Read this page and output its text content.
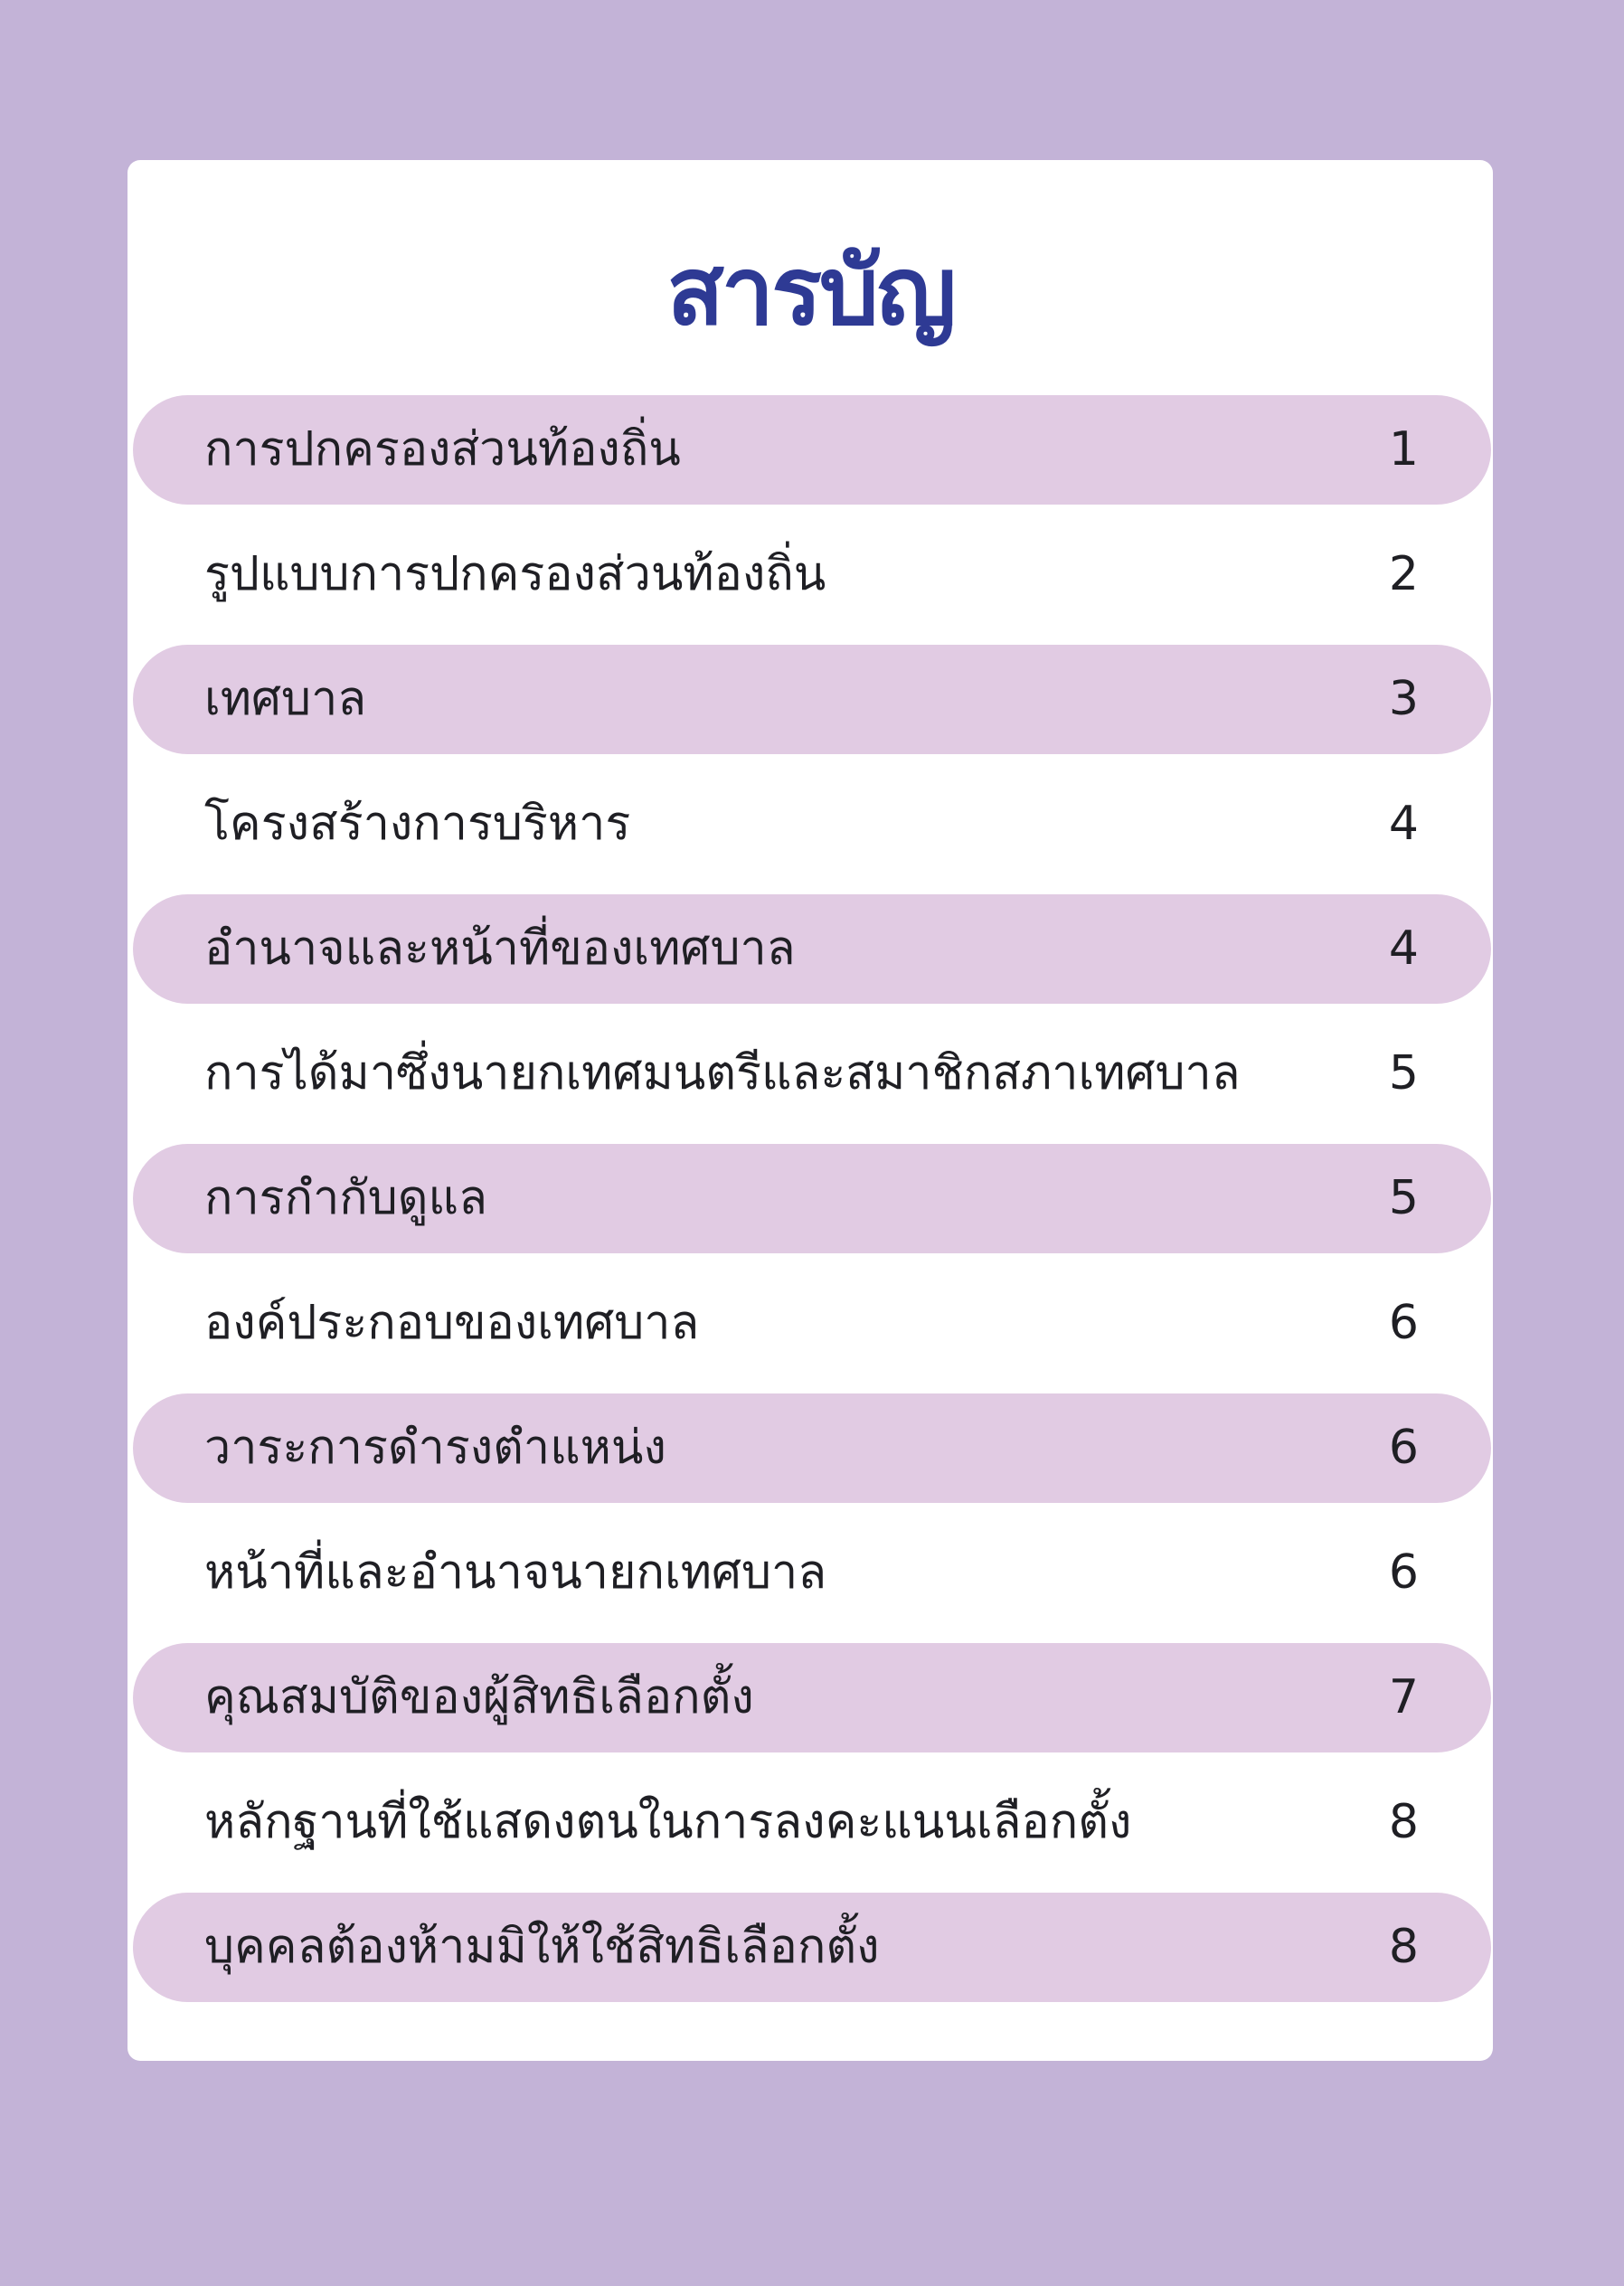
สารบัญ
การปกครองส่วนท้องถิ่น	1
รูปแบบการปกครองส่วนท้องถิ่น	2
เทศบาล	3
โครงสร้างการบริหาร	4
อำนาจและหน้าที่ของเทศบาล	4
การได้มาซึ่งนายกเทศมนตรีและสมาชิกสภาเทศบาล	5
การกำกับดูแล	5
องค์ประกอบของเทศบาล	6
วาระการดำรงตำแหน่ง	6
หน้าที่และอำนาจนายกเทศบาล	6
คุณสมบัติของผู้สิทธิเลือกตั้ง	7
หลักฐานที่ใช้แสดงตนในการลงคะแนนเลือกตั้ง	8
บุคคลต้องห้ามมิให้ใช้สิทธิเลือกตั้ง	8
